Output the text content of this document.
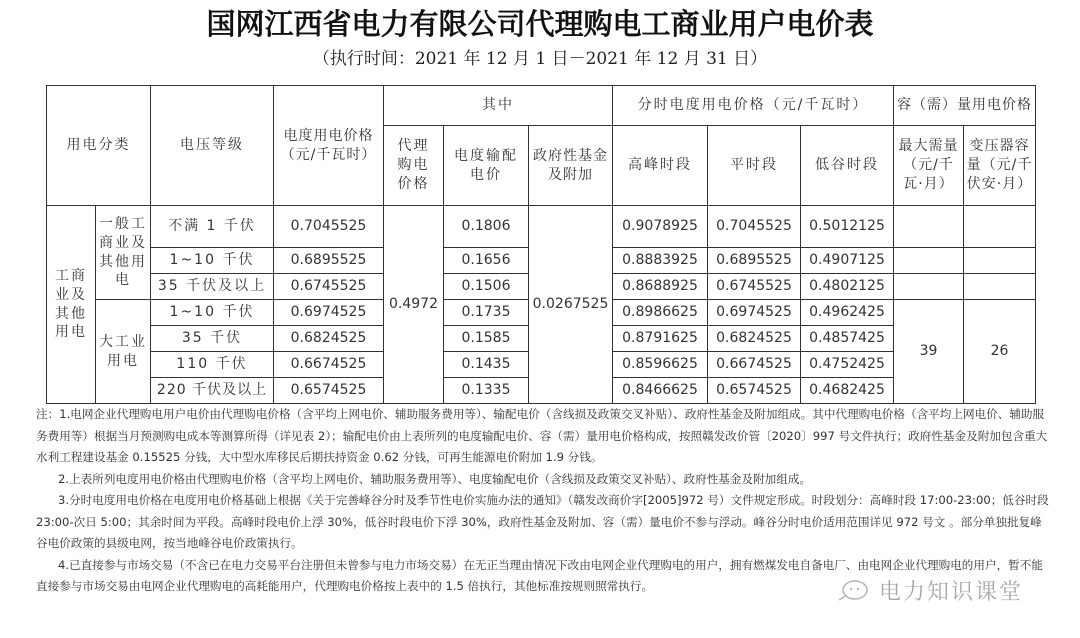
国网江西省电力有限公司代理购电工商业用户电价表
（执行时间：2021 年 12 月 1 日－2021 年 12 月 31 日）
用电分类		电压等级	电度用电价格（元/千瓦时）	其中			分时电度用电价格（元/千瓦时）			容（需）量用电价格	
				代理购电价格	电度输配电价	政府性基金及附加	高峰时段	平时段	低谷时段	最大需量（元/千瓦·月）	变压器容量（元/千伏安·月）
工商业及其他用电	一般工商业及其他用电	不满 1 千伏	0.7045525	0.4972	0.1806	0.0267525	0.9078925	0.7045525	0.5012125		
		1~10 千伏	0.6895525		0.1656		0.8883925	0.6895525	0.4907125		
		35 千伏及以上	0.6745525		0.1506		0.8688925	0.6745525	0.4802125		
	大工业用电	1~10 千伏	0.6974525		0.1735		0.8986625	0.6974525	0.4962425	39	26
		35 千伏	0.6824525		0.1585		0.8791625	0.6824525	0.4857425		
		110 千伏	0.6674525		0.1435		0.8596625	0.6674525	0.4752425		
		220 千伏及以上	0.6574525		0.1335		0.8466625	0.6574525	0.4682425		

注：1.电网企业代理购电用户电价由代理购电价格（含平均上网电价、辅助服务费用等）、输配电价（含线损及政策交叉补贴）、政府性基金及附加组成。其中代理购电价格（含平均上网电价、辅助服务费用等）根据当月预测购电成本等测算所得（详见表 2）；输配电价由上表所列的电度输配电价、容（需）量用电价格构成，按照赣发改价管〔2020〕997 号文件执行；政府性基金及附加包含重大水利工程建设基金 0.15525 分钱，大中型水库移民后期扶持资金 0.62 分钱，可再生能源电价附加 1.9 分钱。

2.上表所列电度用电价格由代理购电价格（含平均上网电价、辅助服务费用等）、电度输配电价（含线损及政策交叉补贴）、政府性基金及附加组成。

3.分时电度用电价格在电度用电价格基础上根据《关于完善峰谷分时及季节性电价实施办法的通知》（赣发改商价字[2005]972 号）文件规定形成。时段划分：高峰时段 17:00-23:00；低谷时段 23:00-次日 5:00；其余时间为平段。高峰时段电价上浮 30%，低谷时段电价下浮 30%，政府性基金及附加、容（需）量电价不参与浮动。峰谷分时电价适用范围详见 972 号文 。部分单独批复峰谷电价政策的县级电网，按当地峰谷电价政策执行。

4.已直接参与市场交易（不含已在电力交易平台注册但未曾参与电力市场交易）在无正当理由情况下改由电网企业代理购电的用户，拥有燃煤发电自备电厂、由电网企业代理购电的用户，暂不能直接参与市场交易由电网企业代理购电的高耗能用户，代理购电价格按上表中的 1.5 倍执行，其他标准按规则照常执行。	电力知识课堂
